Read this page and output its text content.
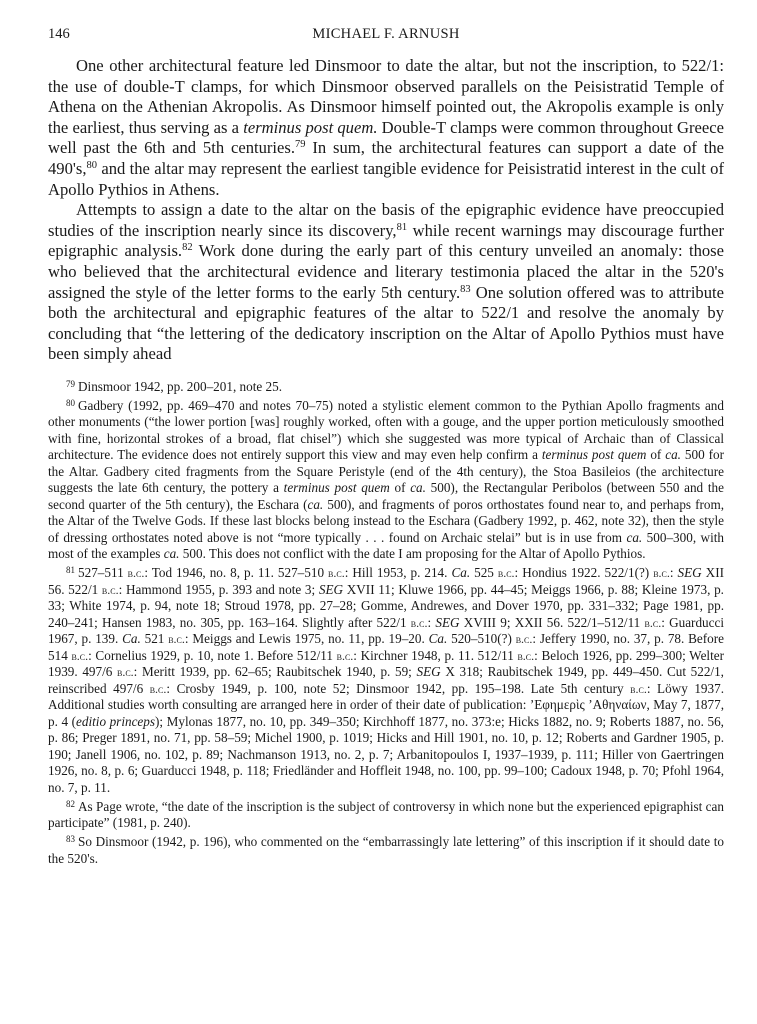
146	MICHAEL F. ARNUSH

One other architectural feature led Dinsmoor to date the altar, but not the inscription, to 522/1: the use of double-T clamps, for which Dinsmoor observed parallels on the Peisistratid Temple of Athena on the Athenian Akropolis. As Dinsmoor himself pointed out, the Akropolis example is only the earliest, thus serving as a terminus post quem. Double-T clamps were common throughout Greece well past the 6th and 5th centuries.$^{79}$ In sum, the architectural features can support a date of the 490's,$^{80}$ and the altar may represent the earliest tangible evidence for Peisistratid interest in the cult of Apollo Pythios in Athens.

Attempts to assign a date to the altar on the basis of the epigraphic evidence have preoccupied studies of the inscription nearly since its discovery,$^{81}$ while recent warnings may discourage further epigraphic analysis.$^{82}$ Work done during the early part of this century unveiled an anomaly: those who believed that the architectural evidence and literary testimonia placed the altar in the 520's assigned the style of the letter forms to the early 5th century.$^{83}$ One solution offered was to attribute both the architectural and epigraphic features of the altar to 522/1 and resolve the anomaly by concluding that “the lettering of the dedicatory inscription on the Altar of Apollo Pythios must have been simply ahead

$^{79}$ Dinsmoor 1942, pp. 200–201, note 25.

$^{80}$ Gadbery (1992, pp. 469–470 and notes 70–75) noted a stylistic element common to the Pythian Apollo fragments and other monuments (“the lower portion [was] roughly worked, often with a gouge, and the upper portion meticulously smoothed with fine, horizontal strokes of a broad, flat chisel”) which she suggested was more typical of Archaic than of Classical architecture. The evidence does not entirely support this view and may even help confirm a terminus post quem of ca. 500 for the Altar. Gadbery cited fragments from the Square Peristyle (end of the 4th century), the Stoa Basileios (the architecture suggests the late 6th century, the pottery a terminus post quem of ca. 500), the Rectangular Peribolos (between 550 and the second quarter of the 5th century), the Eschara (ca. 500), and fragments of poros orthostates found near to, and perhaps from, the Altar of the Twelve Gods. If these last blocks belong instead to the Eschara (Gadbery 1992, p. 462, note 32), then the style of dressing orthostates noted above is not “more typically . . . found on Archaic stelai” but is in use from ca. 500–300, with most of the examples ca. 500. This does not conflict with the date I am proposing for the Altar of Apollo Pythios.

$^{81}$ 527–511 b.c.: Tod 1946, no. 8, p. 11. 527–510 b.c.: Hill 1953, p. 214. Ca. 525 b.c.: Hondius 1922. 522/1(?) b.c.: SEG XII 56. 522/1 b.c.: Hammond 1955, p. 393 and note 3; SEG XVII 11; Kluwe 1966, pp. 44–45; Meiggs 1966, p. 88; Kleine 1973, p. 33; White 1974, p. 94, note 18; Stroud 1978, pp. 27–28; Gomme, Andrewes, and Dover 1970, pp. 331–332; Page 1981, pp. 240–241; Hansen 1983, no. 305, pp. 163–164. Slightly after 522/1 b.c.: SEG XVIII 9; XXII 56. 522/1–512/11 b.c.: Guarducci 1967, p. 139. Ca. 521 b.c.: Meiggs and Lewis 1975, no. 11, pp. 19–20. Ca. 520–510(?) b.c.: Jeffery 1990, no. 37, p. 78. Before 514 b.c.: Cornelius 1929, p. 10, note 1. Before 512/11 b.c.: Kirchner 1948, p. 11. 512/11 b.c.: Beloch 1926, pp. 299–300; Welter 1939. 497/6 b.c.: Meritt 1939, pp. 62–65; Raubitschek 1940, p. 59; SEG X 318; Raubitschek 1949, pp. 449–450. Cut 522/1, reinscribed 497/6 b.c.: Crosby 1949, p. 100, note 52; Dinsmoor 1942, pp. 195–198. Late 5th century b.c.: Löwy 1937. Additional studies worth consulting are arranged here in order of their date of publication: ’Εφημερὶς ’Αθηναίων, May 7, 1877, p. 4 (editio princeps); Mylonas 1877, no. 10, pp. 349–350; Kirchhoff 1877, no. 373:e; Hicks 1882, no. 9; Roberts 1887, no. 56, p. 86; Preger 1891, no. 71, pp. 58–59; Michel 1900, p. 1019; Hicks and Hill 1901, no. 10, p. 12; Roberts and Gardner 1905, p. 190; Janell 1906, no. 102, p. 89; Nachmanson 1913, no. 2, p. 7; Arbanitopoulos I, 1937–1939, p. 111; Hiller von Gaertringen 1926, no. 8, p. 6; Guarducci 1948, p. 118; Friedländer and Hoffleit 1948, no. 100, pp. 99–100; Cadoux 1948, p. 70; Pfohl 1964, no. 7, p. 11.

$^{82}$ As Page wrote, “the date of the inscription is the subject of controversy in which none but the experienced epigraphist can participate” (1981, p. 240).

$^{83}$ So Dinsmoor (1942, p. 196), who commented on the “embarrassingly late lettering” of this inscription if it should date to the 520's.
